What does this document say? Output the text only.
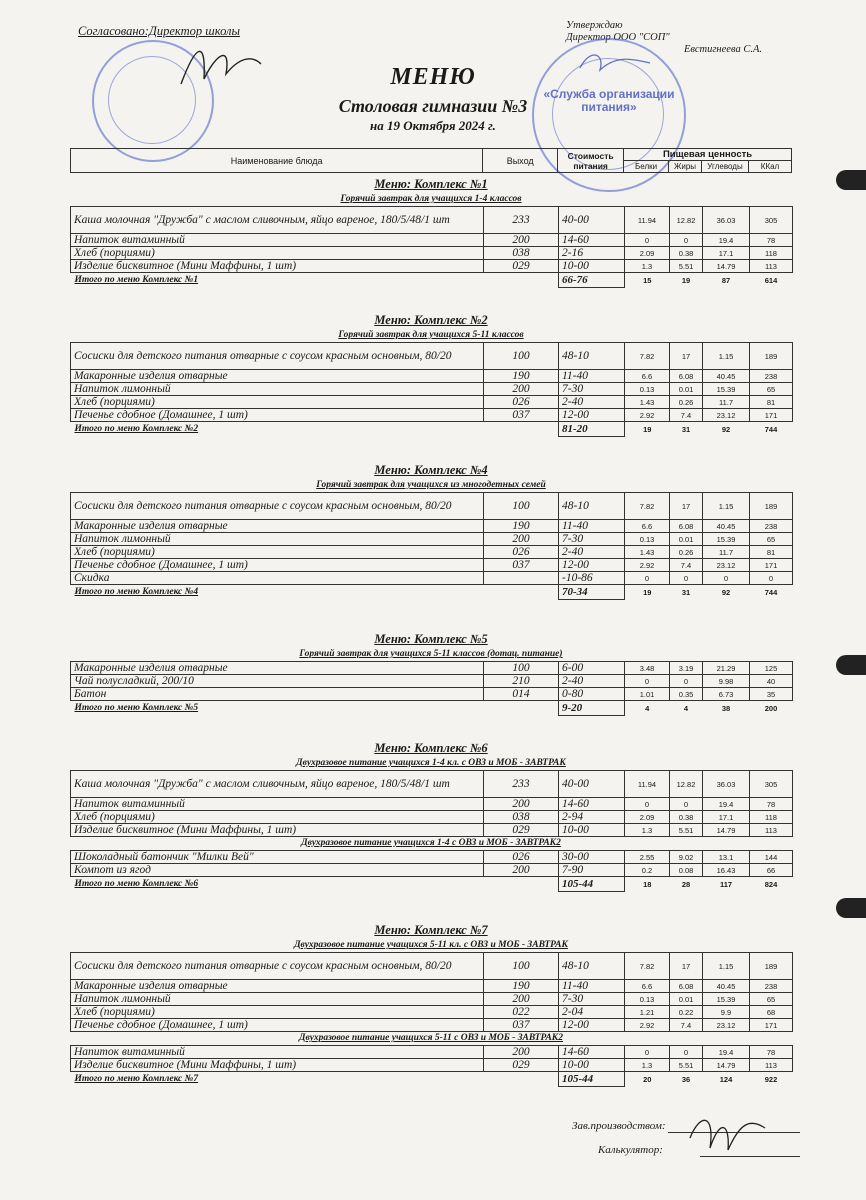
Согласовано:Директор школы	Утверждаю
Директор ООО "СОП"
Евстигнеева С.А.
«Служба организации питания»
МЕНЮ
Столовая гимназии №3
на 19 Октября 2024 г.
Наименование блюда	Выход	Стоимость питания	Пищевая ценность			
			Белки	Жиры	Углеводы	ККал
Меню: Комплекс №1
Горячий завтрак для учащихся 1-4 классов
Каша молочная "Дружба" с маслом сливочным, яйцо вареное, 180/5/48/1 шт	233	40-00	11.94	12.82	36.03	305
Напиток витаминный	200	14-60	0	0	19.4	78
Хлеб (порциями)	038	2-16	2.09	0.38	17.1	118
Изделие бисквитное (Мини Маффины, 1 шт)	029	10-00	1.3	5.51	14.79	113
Итого по меню Комплекс №1		66-76	15	19	87	614
Меню: Комплекс №2
Горячий завтрак для учащихся 5-11 классов
Сосиски для детского питания отварные с соусом красным основным, 80/20	100	48-10	7.82	17	1.15	189
Макаронные изделия отварные	190	11-40	6.6	6.08	40.45	238
Напиток лимонный	200	7-30	0.13	0.01	15.39	65
Хлеб (порциями)	026	2-40	1.43	0.26	11.7	81
Печенье сдобное (Домашнее, 1 шт)	037	12-00	2.92	7.4	23.12	171
Итого по меню Комплекс №2		81-20	19	31	92	744
Меню: Комплекс №4
Горячий завтрак для учащихся из многодетных семей
Сосиски для детского питания отварные с соусом красным основным, 80/20	100	48-10	7.82	17	1.15	189
Макаронные изделия отварные	190	11-40	6.6	6.08	40.45	238
Напиток лимонный	200	7-30	0.13	0.01	15.39	65
Хлеб (порциями)	026	2-40	1.43	0.26	11.7	81
Печенье сдобное (Домашнее, 1 шт)	037	12-00	2.92	7.4	23.12	171
Скидка		-10-86	0	0	0	0
Итого по меню Комплекс №4		70-34	19	31	92	744
Меню: Комплекс №5
Горячий завтрак для учащихся 5-11 классов (дотац. питание)
Макаронные изделия отварные	100	6-00	3.48	3.19	21.29	125
Чай полусладкий, 200/10	210	2-40	0	0	9.98	40
Батон	014	0-80	1.01	0.35	6.73	35
Итого по меню Комплекс №5		9-20	4	4	38	200
Меню: Комплекс №6
Двухразовое питание учащихся 1-4 кл. с ОВЗ и МОБ - ЗАВТРАК
Каша молочная "Дружба" с маслом сливочным, яйцо вареное, 180/5/48/1 шт	233	40-00	11.94	12.82	36.03	305
Напиток витаминный	200	14-60	0	0	19.4	78
Хлеб (порциями)	038	2-94	2.09	0.38	17.1	118
Изделие бисквитное (Мини Маффины, 1 шт)	029	10-00	1.3	5.51	14.79	113
Двухразовое питание учащихся 1-4 с ОВЗ и МОБ - ЗАВТРАК2
Шоколадный батончик "Милки Вей"	026	30-00	2.55	9.02	13.1	144
Компот из ягод	200	7-90	0.2	0.08	16.43	66
Итого по меню Комплекс №6		105-44	18	28	117	824
Меню: Комплекс №7
Двухразовое питание учащихся 5-11 кл. с ОВЗ и МОБ - ЗАВТРАК
Сосиски для детского питания отварные с соусом красным основным, 80/20	100	48-10	7.82	17	1.15	189
Макаронные изделия отварные	190	11-40	6.6	6.08	40.45	238
Напиток лимонный	200	7-30	0.13	0.01	15.39	65
Хлеб (порциями)	022	2-04	1.21	0.22	9.9	68
Печенье сдобное (Домашнее, 1 шт)	037	12-00	2.92	7.4	23.12	171
Двухразовое питание учащихся 5-11 с ОВЗ и МОБ - ЗАВТРАК2
Напиток витаминный	200	14-60	0	0	19.4	78
Изделие бисквитное (Мини Маффины, 1 шт)	029	10-00	1.3	5.51	14.79	113
Итого по меню Комплекс №7		105-44	20	36	124	922
Зав.производством:
Калькулятор:
